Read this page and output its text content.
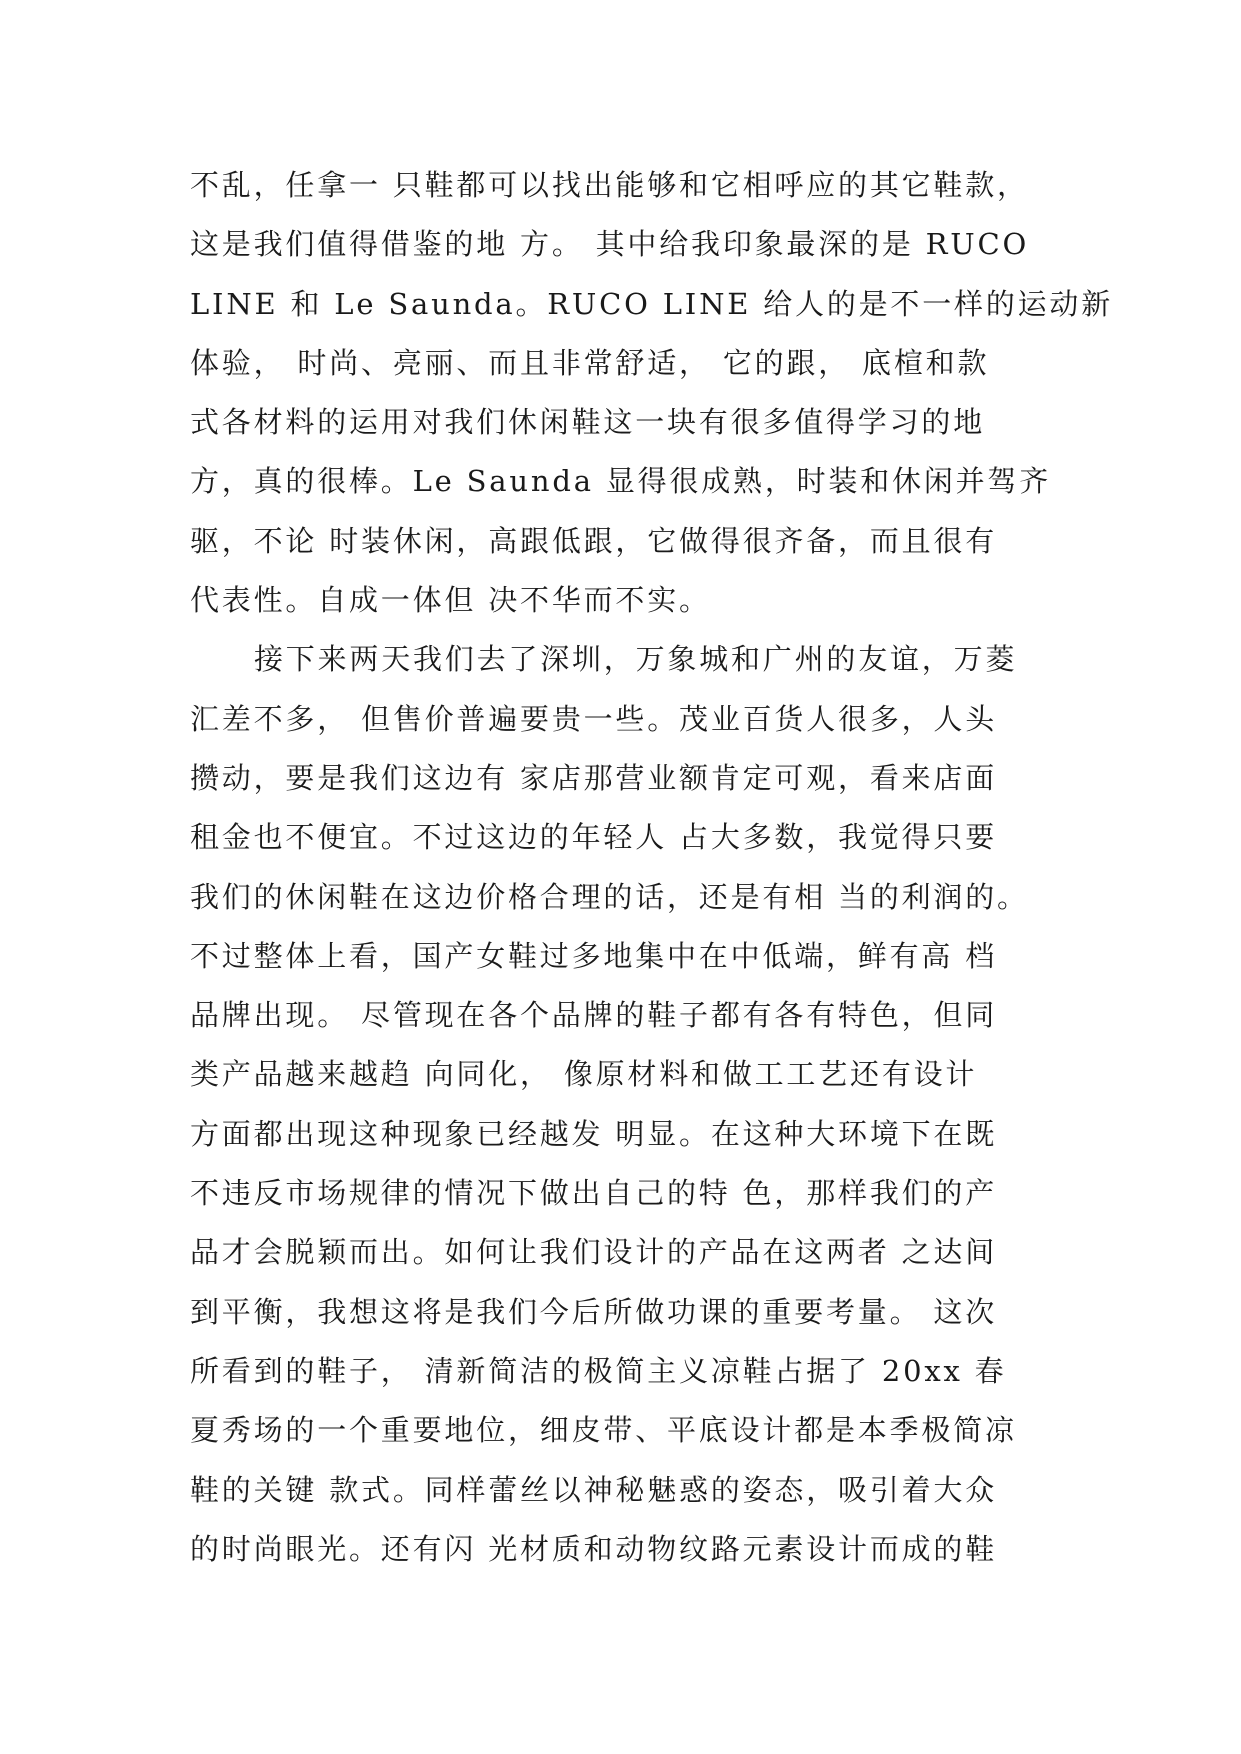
不乱，任拿一 只鞋都可以找出能够和它相呼应的其它鞋款，
这是我们值得借鉴的地 方。 其中给我印象最深的是 RUCO
LINE 和 Le Saunda。RUCO LINE 给人的是不一样的运动新
体验， 时尚、亮丽、而且非常舒适， 它的跟， 底楦和款
式各材料的运用对我们休闲鞋这一块有很多值得学习的地
方，真的很棒。Le Saunda 显得很成熟，时装和休闲并驾齐
驱，不论 时装休闲，高跟低跟，它做得很齐备，而且很有
代表性。自成一体但 决不华而不实。
接下来两天我们去了深圳，万象城和广州的友谊，万菱
汇差不多， 但售价普遍要贵一些。茂业百货人很多，人头
攒动，要是我们这边有 家店那营业额肯定可观，看来店面
租金也不便宜。不过这边的年轻人 占大多数，我觉得只要
我们的休闲鞋在这边价格合理的话，还是有相 当的利润的。
不过整体上看，国产女鞋过多地集中在中低端，鲜有高 档
品牌出现。 尽管现在各个品牌的鞋子都有各有特色，但同
类产品越来越趋 向同化， 像原材料和做工工艺还有设计
方面都出现这种现象已经越发 明显。在这种大环境下在既
不违反市场规律的情况下做出自己的特 色，那样我们的产
品才会脱颖而出。如何让我们设计的产品在这两者 之达间
到平衡，我想这将是我们今后所做功课的重要考量。 这次
所看到的鞋子， 清新简洁的极简主义凉鞋占据了 20xx 春
夏秀场的一个重要地位，细皮带、平底设计都是本季极简凉
鞋的关键 款式。同样蕾丝以神秘魅惑的姿态，吸引着大众
的时尚眼光。还有闪 光材质和动物纹路元素设计而成的鞋
